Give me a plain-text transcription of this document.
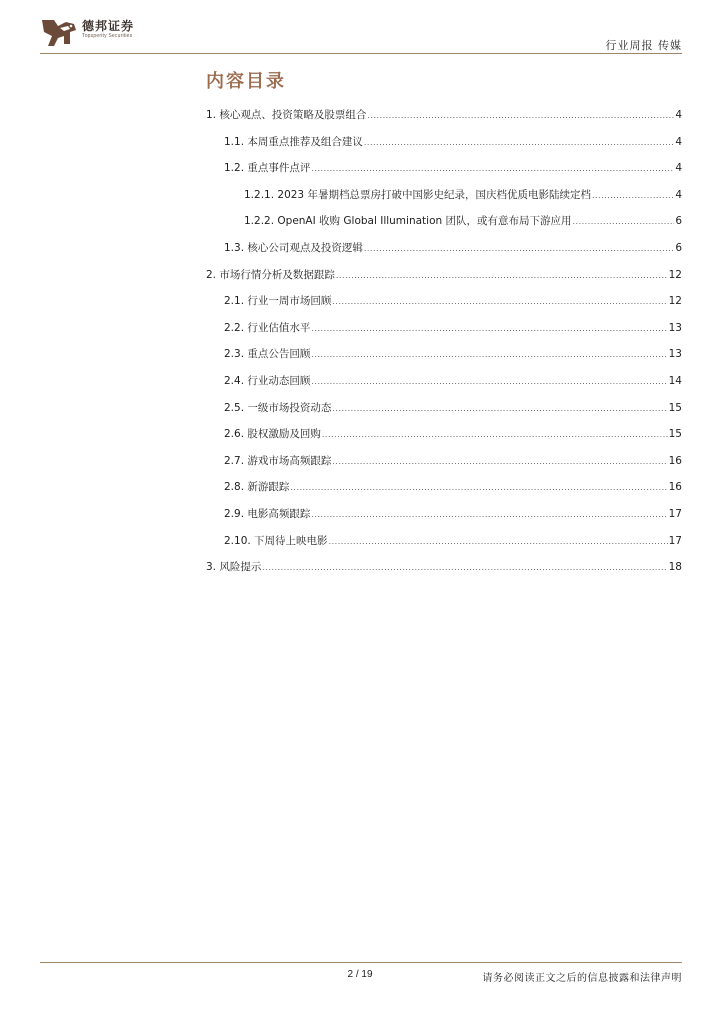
德邦证券
Topsperity Securities
行业周报 传媒
内容目录
1. 核心观点、投资策略及股票组合 .....	4
1.1. 本周重点推荐及组合建议 .....	4
1.2. 重点事件点评 .....	4
1.2.1. 2023 年暑期档总票房打破中国影史纪录，国庆档优质电影陆续定档 .....	4
1.2.2. OpenAI 收购 Global Illumination 团队，或有意布局下游应用 .....	6
1.3. 核心公司观点及投资逻辑 .....	6
2. 市场行情分析及数据跟踪 .....	12
2.1. 行业一周市场回顾 .....	12
2.2. 行业估值水平 .....	13
2.3. 重点公告回顾 .....	13
2.4. 行业动态回顾 .....	14
2.5. 一级市场投资动态 .....	15
2.6. 股权激励及回购 .....	15
2.7. 游戏市场高频跟踪 .....	16
2.8. 新游跟踪 .....	16
2.9. 电影高频跟踪 .....	17
2.10. 下周待上映电影 .....	17
3. 风险提示 .....	18
2 / 19	请务必阅读正文之后的信息披露和法律声明
